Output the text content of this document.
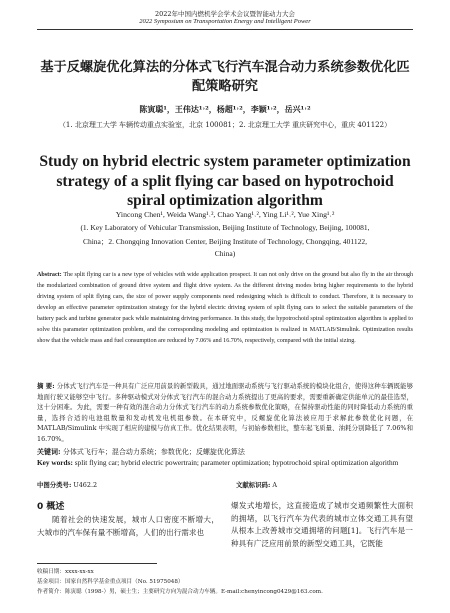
2022年中国内燃机学会学术会议暨智能动力大会
2022 Symposium on Transportation Energy and Intelligent Power
基于反螺旋优化算法的分体式飞行汽车混合动力系统参数优化匹配策略研究
陈寅聪¹，王伟达¹˒²，杨超¹˒²，李颖¹˒²，岳兴¹˒²
（1. 北京理工大学 车辆传动重点实验室，北京 100081；2. 北京理工大学 重庆研究中心，重庆 401122）
Study on hybrid electric system parameter optimization strategy of a split flying car based on hypotrochoid spiral optimization algorithm
Yincong Chen¹, Weida Wang¹˒², Chao Yang¹˒², Ying Li¹˒², Yue Xing¹˒²
(1. Key Laboratory of Vehicular Transmission, Beijing Institute of Technology, Beijing, 100081,
China；2. Chongqing Innovation Center, Beijing Institute of Technology, Chongqing, 401122,
China)
Abstract: The split flying car is a new type of vehicles with wide application prospect. It can not only drive on the ground but also fly in the air through the modularized combination of ground drive system and flight drive system. As the different driving modes bring higher requirements to the hybrid driving system of split flying cars, the size of power supply components need redesigning which is difficult to conduct. Therefore, it is necessary to develop an effective parameter optimization strategy for the hybrid electric driving system of split flying cars to select the suitable parameters of the battery pack and turbine generator pack while maintaining driving performance. In this study, the hypotrochoid spiral optimization algorithm is applied to solve this parameter optimization problem, and the corresponding modeling and optimization is realized in MATLAB/Simulink. Optimization results show that the vehicle mass and fuel consumption are reduced by 7.06% and 16.70%, respectively, compared with the initial sizing.
摘 要: 分体式飞行汽车是一种具有广泛应用前景的新型载具，通过地面驱动系统与飞行驱动系统的模块化组合，使得这种车辆既能够地面行驶又能够空中飞行。多种驱动模式对分体式飞行汽车的混合动力系统提出了更高的要求，需要重新确定供能单元的最佳选型，这十分困难。为此，需要一种有效的混合动力分体式飞行汽车的动力系统参数优化策略，在保持驱动性能的同时降低动力系统的重量，选择合适的电池组数量和发动机发电机组参数。在本研究中，反螺旋优化算法被应用于求解此参数优化问题，在 MATLAB/Simulink 中实现了相应的建模与仿真工作。优化结果表明，与初始参数相比，整车起飞质量、油耗分别降低了 7.06%和 16.70%。
关键词: 分体式飞行车；混合动力系统；参数优化；反螺旋优化算法
Key words: split flying car; hybrid electric powertrain; parameter optimization; hypotrochoid spiral optimization algorithm
中图分类号: U462.2	文献标识码: A
0 概述
随着社会的快速发展，城市人口密度不断增大，大城市的汽车保有量不断增高，人们的出行需求也
爆发式地增长，这直接造成了城市交通频繁性大面积的拥堵，以飞行汽车为代表的城市立体交通工具有望从根本上改善城市交通拥堵的问题[1]。飞行汽车是一种具有广泛应用前景的新型交通工具，它既能
收稿日期：xxxx-xx-xx
基金项目：国家自然科学基金重点项目（No. 51975048）
作者简介：陈寅聪（1998-）男，硕士生；主要研究方向为混合动力车辆。E-mail:chenyincong0429@163.com.
